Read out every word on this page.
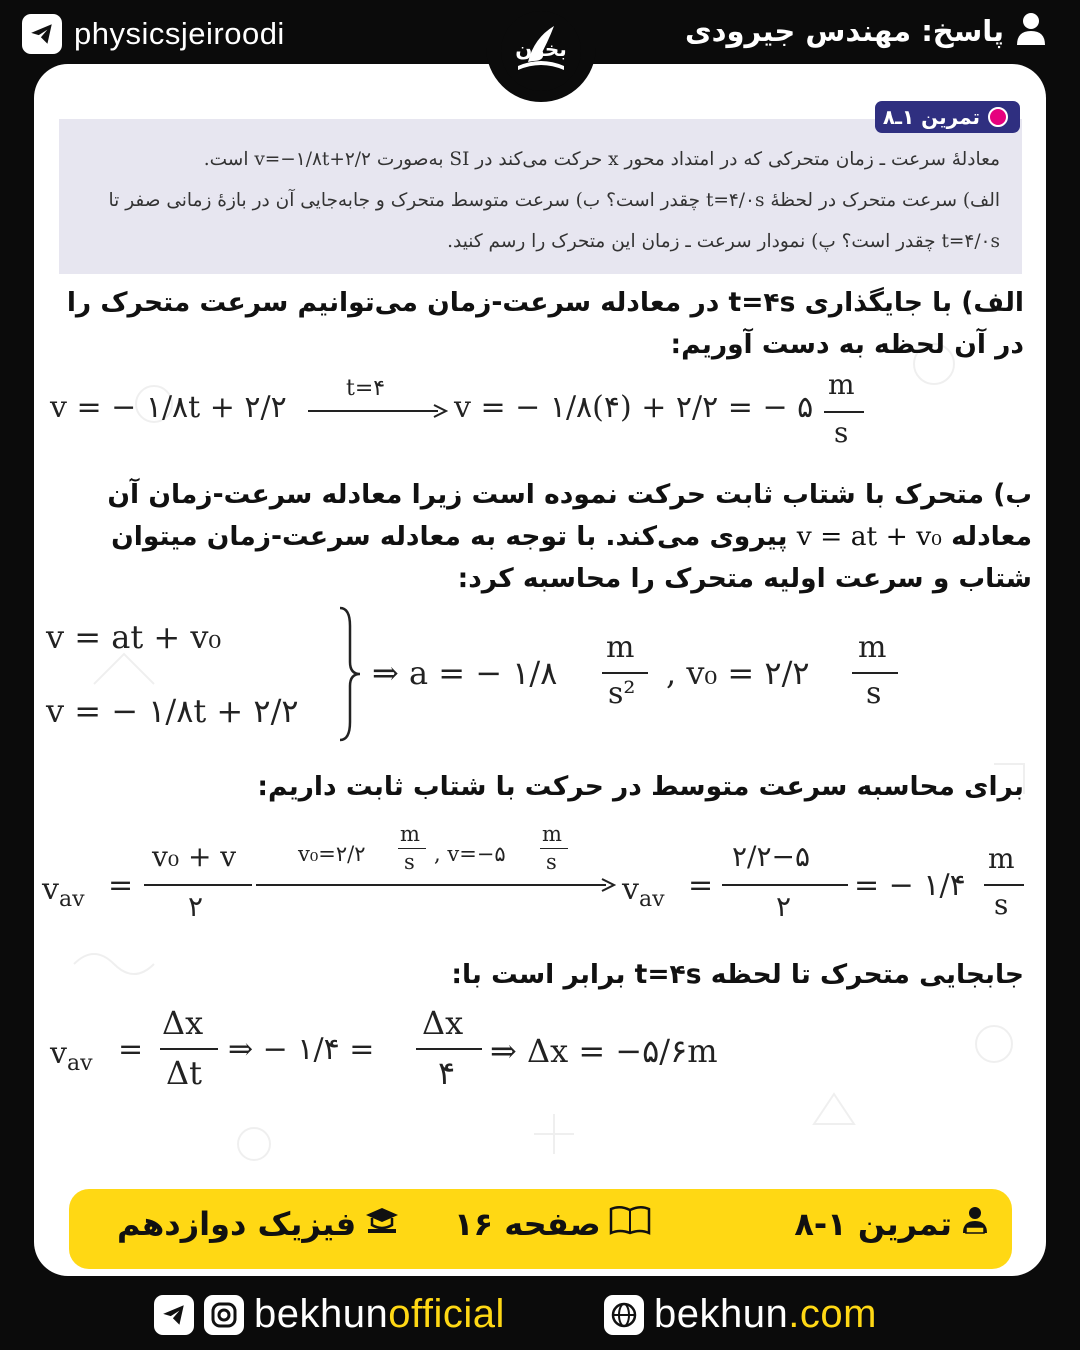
physicsjeiroodi	بخون
پاسخ: مهندس جیرودی
معادلهٔ سرعت ـ زمان متحرکی که در امتداد محور x حرکت می‌کند در SI به‌صورت v=−۱/۸t+۲/۲ است.
الف) سرعت متحرک در لحظهٔ t=۴/۰s چقدر است؟ ب) سرعت متوسط متحرک و جابه‌جایی آن در بازهٔ زمانی صفر تا
t=۴/۰s چقدر است؟ پ) نمودار سرعت ـ زمان این متحرک را رسم کنید.
تمرین ۱ـ۸
الف) با جایگذاری t=۴s در معادله سرعت-زمان می‌توانیم سرعت متحرک را در آن لحظه به دست آوریم:
v = − ۱/۸t + ۲/۲
t=۴
v = − ۱/۸(۴) + ۲/۲ = − ۵
m
s
ب) متحرک با شتاب ثابت حرکت نموده است زیرا معادله سرعت-زمان آن معادله v = at + v₀ پیروی می‌کند. با توجه به معادله سرعت-زمان میتوان شتاب و سرعت اولیه متحرک را محاسبه کرد:
v = at + v₀
v = − ۱/۸t + ۲/۲
⇒ a = − ۱/۸
m
s²
, v₀ = ۲/۲
m
s
برای محاسبه سرعت متوسط در حرکت با شتاب ثابت داریم:
$v_{av}$ =
v₀ + v
۲
v₀=۲/۲
m
s , v=−۵
m
s
$v_{av}$ =
۲/۲−۵
۲
= − ۱/۴
m
s
جابجایی متحرک تا لحظه t=۴s برابر است با:
$v_{av}$ =
Δx
Δt
⇒ − ۱/۴ =
Δx
۴
⇒ Δx = −۵/۶m
تمرین ۱-۸
صفحه ۱۶
فیزیک دوازدهم
bekhunofficial	bekhun.com
